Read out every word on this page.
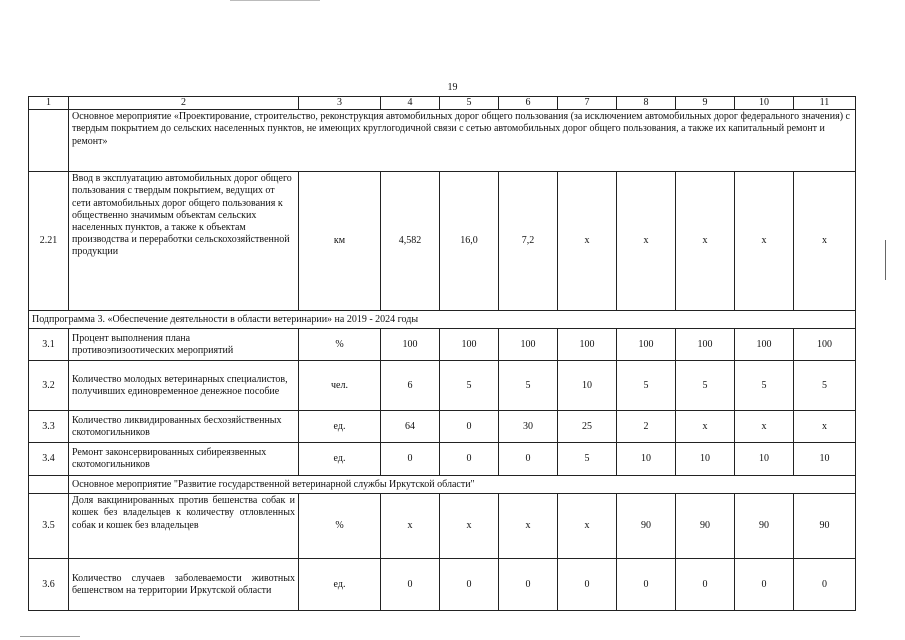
19
1	2	3	4	5	6	7	8	9	10	11
	Основное мероприятие «Проектирование, строительство, реконструкция автомобильных дорог общего пользования (за исключением автомобильных дорог федерального значения) с твердым покрытием до сельских населенных пунктов, не имеющих круглогодичной связи с сетью автомобильных дорог общего пользования, а также их капитальный ремонт и ремонт»									
2.21	Ввод в эксплуатацию автомобильных дорог общего пользования с твердым покрытием, ведущих от сети автомобильных дорог общего пользования к общественно значимым объектам сельских населенных пунктов, а также к объектам производства и переработки сельскохозяйственной продукции	км	4,582	16,0	7,2	х	х	х	х	х
Подпрограмма 3. «Обеспечение деятельности в области ветеринарии» на 2019 - 2024 годы										
3.1	Процент выполнения плана противоэпизоотических мероприятий	%	100	100	100	100	100	100	100	100
3.2	Количество молодых ветеринарных специалистов, получивших единовременное денежное пособие	чел.	6	5	5	10	5	5	5	5
3.3	Количество ликвидированных бесхозяйственных скотомогильников	ед.	64	0	30	25	2	х	х	х
3.4	Ремонт законсервированных сибиреязвенных скотомогильников	ед.	0	0	0	5	10	10	10	10
	Основное мероприятие "Развитие государственной ветеринарной службы Иркутской области"									
3.5	Доля вакцинированных против бешенства собак и кошек без владельцев к количеству отловленных собак и кошек без владельцев	%	х	х	х	х	90	90	90	90
3.6	Количество случаев заболеваемости животных бешенством на территории Иркутской области	ед.	0	0	0	0	0	0	0	0
